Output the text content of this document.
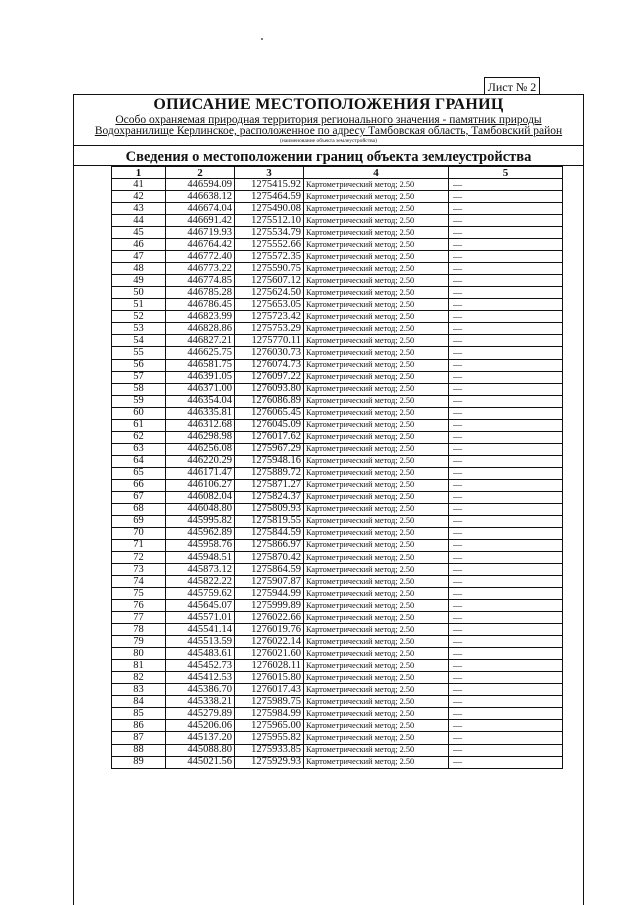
Лист № 2
ОПИСАНИЕ МЕСТОПОЛОЖЕНИЯ ГРАНИЦ
Особо охраняемая природная территория регионального значения - памятник природы
Водохранилище Керлинское, расположенное по адресу Тамбовская область, Тамбовский район
(наименование объекта землеустройства)
Сведения о местоположении границ объекта землеустройства
1	2	3	4	5
41	446594.09	1275415.92	Картометрический метод; 2.50	—
42	446638.12	1275464.59	Картометрический метод; 2.50	—
43	446674.04	1275490.08	Картометрический метод; 2.50	—
44	446691.42	1275512.10	Картометрический метод; 2.50	—
45	446719.93	1275534.79	Картометрический метод; 2.50	—
46	446764.42	1275552.66	Картометрический метод; 2.50	—
47	446772.40	1275572.35	Картометрический метод; 2.50	—
48	446773.22	1275590.75	Картометрический метод; 2.50	—
49	446774.85	1275607.12	Картометрический метод; 2.50	—
50	446785.28	1275624.50	Картометрический метод; 2.50	—
51	446786.45	1275653.05	Картометрический метод; 2.50	—
52	446823.99	1275723.42	Картометрический метод; 2.50	—
53	446828.86	1275753.29	Картометрический метод; 2.50	—
54	446827.21	1275770.11	Картометрический метод; 2.50	—
55	446625.75	1276030.73	Картометрический метод; 2.50	—
56	446581.75	1276074.73	Картометрический метод; 2.50	—
57	446391.05	1276097.22	Картометрический метод; 2.50	—
58	446371.00	1276093.80	Картометрический метод; 2.50	—
59	446354.04	1276086.89	Картометрический метод; 2.50	—
60	446335.81	1276065.45	Картометрический метод; 2.50	—
61	446312.68	1276045.09	Картометрический метод; 2.50	—
62	446298.98	1276017.62	Картометрический метод; 2.50	—
63	446256.08	1275967.29	Картометрический метод; 2.50	—
64	446220.29	1275948.16	Картометрический метод; 2.50	—
65	446171.47	1275889.72	Картометрический метод; 2.50	—
66	446106.27	1275871.27	Картометрический метод; 2.50	—
67	446082.04	1275824.37	Картометрический метод; 2.50	—
68	446048.80	1275809.93	Картометрический метод; 2.50	—
69	445995.82	1275819.55	Картометрический метод; 2.50	—
70	445962.89	1275844.59	Картометрический метод; 2.50	—
71	445958.76	1275866.97	Картометрический метод; 2.50	—
72	445948.51	1275870.42	Картометрический метод; 2.50	—
73	445873.12	1275864.59	Картометрический метод; 2.50	—
74	445822.22	1275907.87	Картометрический метод; 2.50	—
75	445759.62	1275944.99	Картометрический метод; 2.50	—
76	445645.07	1275999.89	Картометрический метод; 2.50	—
77	445571.01	1276022.66	Картометрический метод; 2.50	—
78	445541.14	1276019.76	Картометрический метод; 2.50	—
79	445513.59	1276022.14	Картометрический метод; 2.50	—
80	445483.61	1276021.60	Картометрический метод; 2.50	—
81	445452.73	1276028.11	Картометрический метод; 2.50	—
82	445412.53	1276015.80	Картометрический метод; 2.50	—
83	445386.70	1276017.43	Картометрический метод; 2.50	—
84	445338.21	1275989.75	Картометрический метод; 2.50	—
85	445279.89	1275984.99	Картометрический метод; 2.50	—
86	445206.06	1275965.00	Картометрический метод; 2.50	—
87	445137.20	1275955.82	Картометрический метод; 2.50	—
88	445088.80	1275933.85	Картометрический метод; 2.50	—
89	445021.56	1275929.93	Картометрический метод; 2.50	—
